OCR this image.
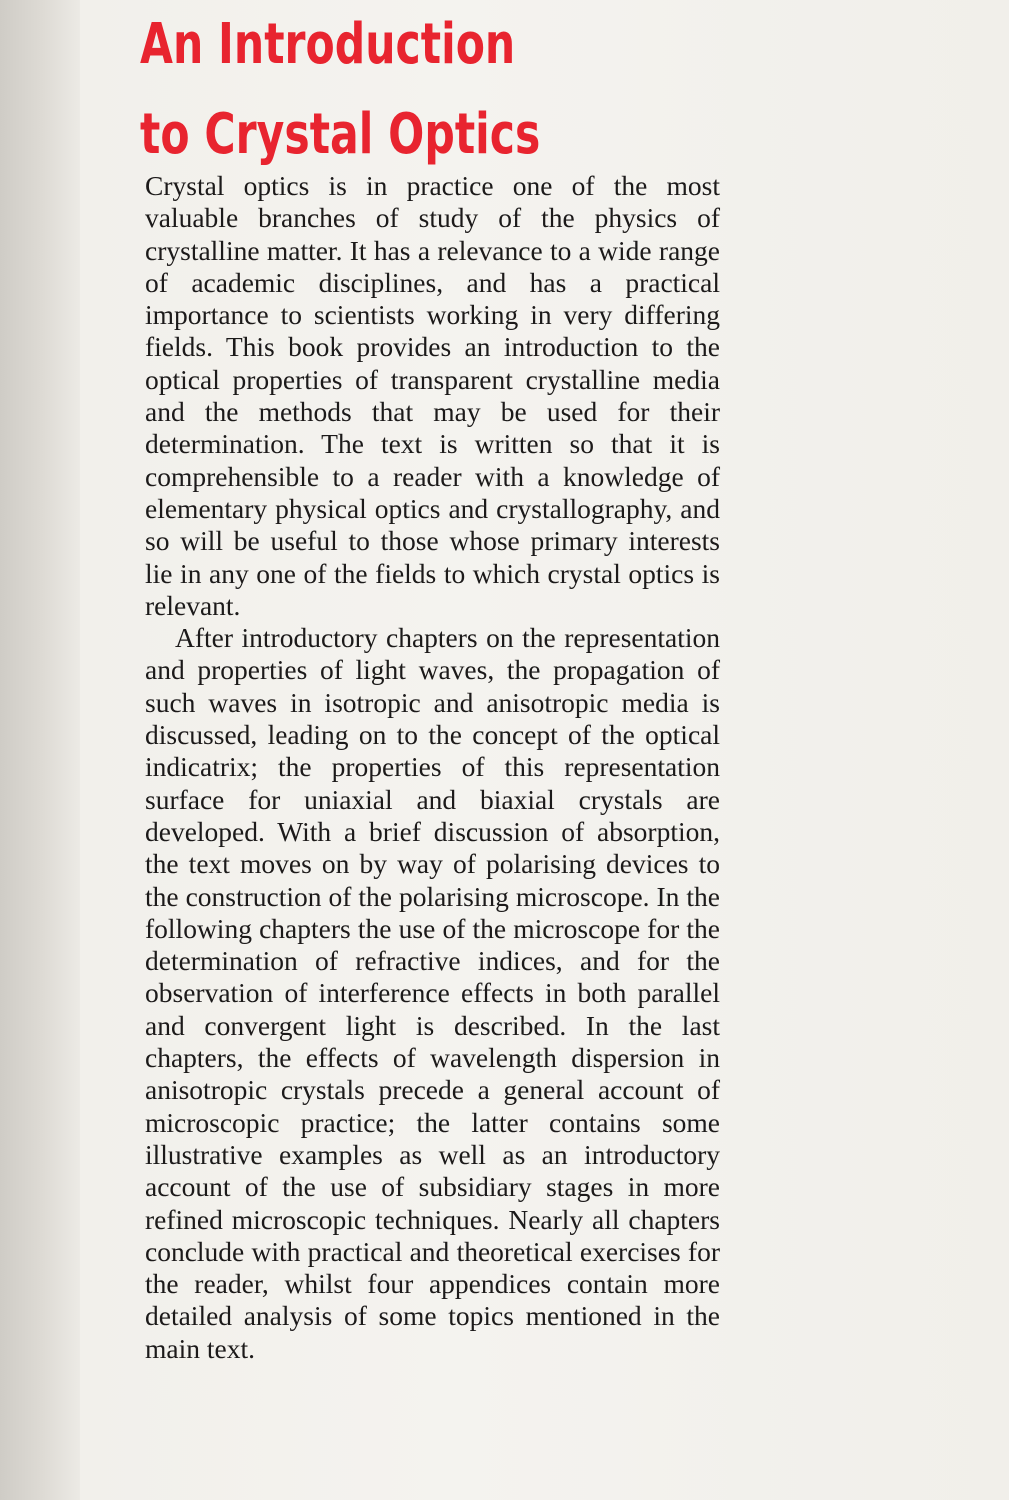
An Introduction
to Crystal Optics

Crystal optics is in practice one of the most valuable branches of study of the physics of crystalline matter. It has a relevance to a wide range of academic disciplines, and has a practical importance to scientists working in very differing fields. This book provides an introduction to the optical properties of transparent crystalline media and the methods that may be used for their determination. The text is written so that it is comprehensible to a reader with a knowledge of elementary physical optics and crystallography, and so will be useful to those whose primary interests lie in any one of the fields to which crystal optics is relevant.

After introductory chapters on the representation and properties of light waves, the propagation of such waves in isotropic and anisotropic media is discussed, leading on to the concept of the optical indicatrix; the properties of this representation surface for uniaxial and biaxial crystals are developed. With a brief discussion of absorption, the text moves on by way of polarising devices to the construction of the polarising microscope. In the following chapters the use of the microscope for the determination of refractive indices, and for the observation of interference effects in both parallel and convergent light is described. In the last chapters, the effects of wavelength dispersion in anisotropic crystals precede a general account of microscopic practice; the latter contains some illustrative examples as well as an introductory account of the use of subsidiary stages in more refined microscopic techniques. Nearly all chapters conclude with practical and theoretical exercises for the reader, whilst four appendices contain more detailed analysis of some topics mentioned in the main text.
